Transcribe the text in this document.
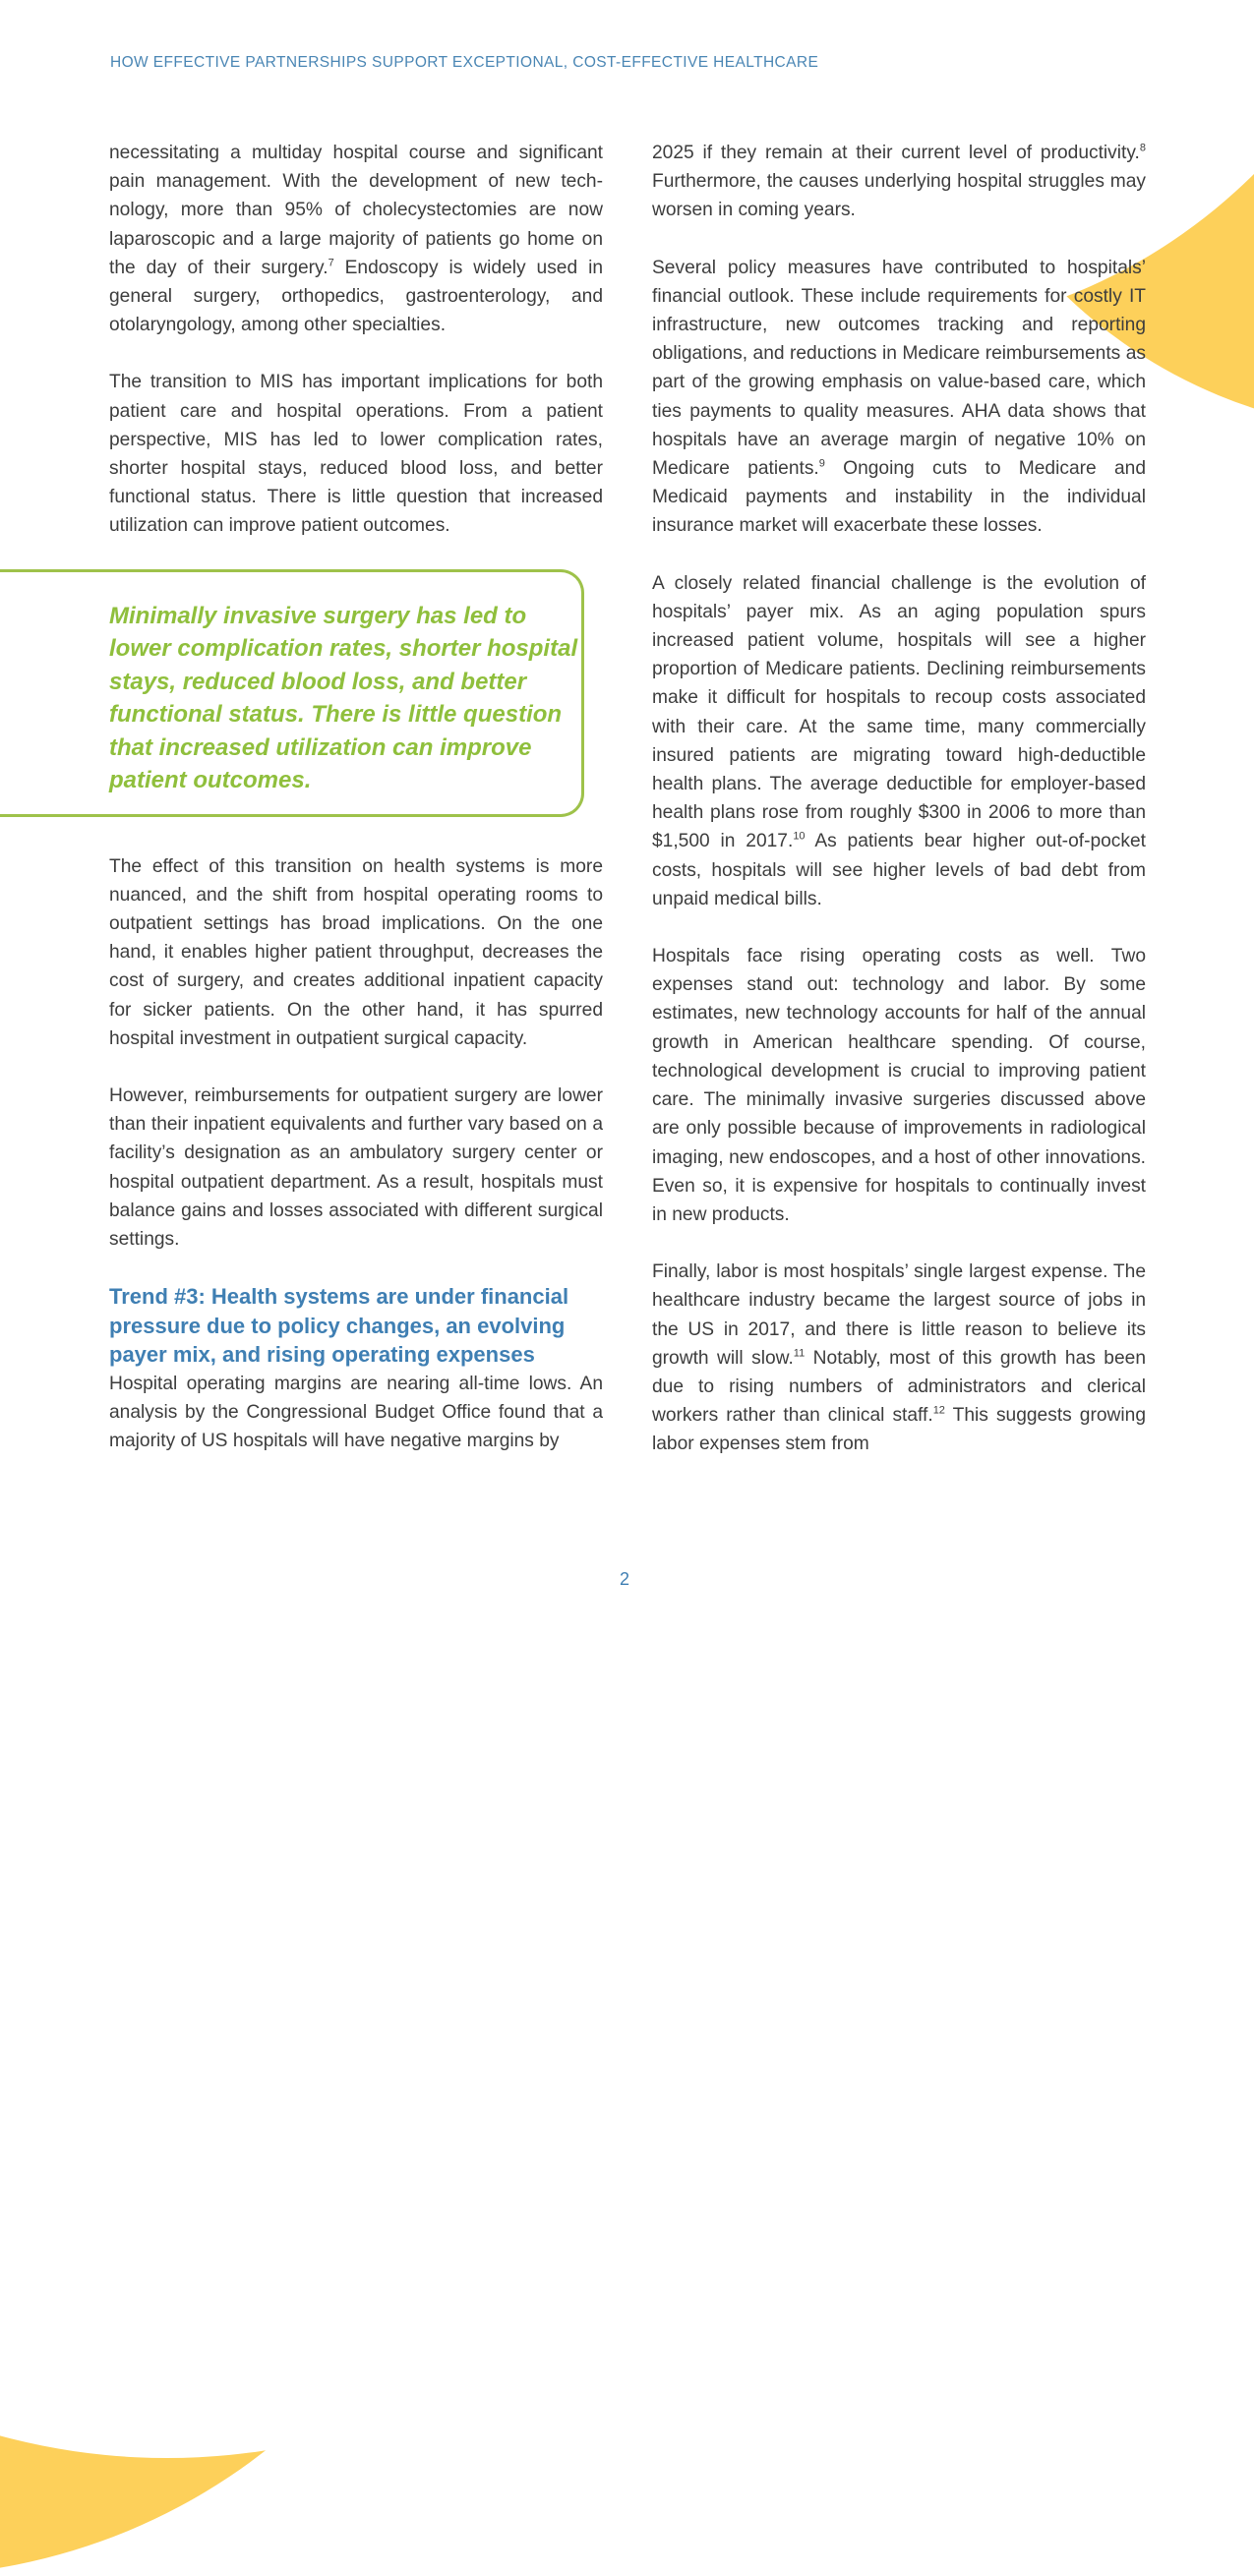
HOW EFFECTIVE PARTNERSHIPS SUPPORT EXCEPTIONAL, COST-EFFECTIVE HEALTHCARE

necessitating a multiday hospital course and significant pain management. With the development of new technology, more than 95% of cholecystectomies are now laparoscopic and a large majority of patients go home on the day of their surgery.$^7$ Endoscopy is widely used in general surgery, orthopedics, gastroenterology, and otolaryngology, among other specialties.

The transition to MIS has important implications for both patient care and hospital operations. From a patient perspective, MIS has led to lower complication rates, shorter hospital stays, reduced blood loss, and better functional status. There is little question that increased utilization can improve patient outcomes.

Minimally invasive surgery has led to lower complication rates, shorter hospital stays, reduced blood loss, and better functional status. There is little question that increased utilization can improve patient outcomes.

The effect of this transition on health systems is more nuanced, and the shift from hospital operating rooms to outpatient settings has broad implications. On the one hand, it enables higher patient throughput, decreases the cost of surgery, and creates additional inpatient capacity for sicker patients. On the other hand, it has spurred hospital investment in outpatient surgical capacity.

However, reimbursements for outpatient surgery are lower than their inpatient equivalents and further vary based on a facility’s designation as an ambulatory surgery center or hospital outpatient department. As a result, hospitals must balance gains and losses associated with different surgical settings.

Trend #3: Health systems are under financial pressure due to policy changes, an evolving payer mix, and rising operating expenses

Hospital operating margins are nearing all-time lows. An analysis by the Congressional Budget Office found that a majority of US hospitals will have negative margins by

2025 if they remain at their current level of productivity.$^8$ Furthermore, the causes underlying hospital struggles may worsen in coming years.

Several policy measures have contributed to hospitals’ financial outlook. These include requirements for costly IT infrastructure, new outcomes tracking and reporting obligations, and reductions in Medicare reimbursements as part of the growing emphasis on value-based care, which ties payments to quality measures. AHA data shows that hospitals have an average margin of negative 10% on Medicare patients.$^9$ Ongoing cuts to Medicare and Medicaid payments and instability in the individual insurance market will exacerbate these losses.

A closely related financial challenge is the evolution of hospitals’ payer mix. As an aging population spurs increased patient volume, hospitals will see a higher proportion of Medicare patients. Declining reimbursements make it difficult for hospitals to recoup costs associated with their care. At the same time, many commercially insured patients are migrating toward high-deductible health plans. The average deductible for employer-based health plans rose from roughly $300 in 2006 to more than $1,500 in 2017.10 As patients bear higher out-of-pocket costs, hospitals will see higher levels of bad debt from unpaid medical bills.

Hospitals face rising operating costs as well. Two expenses stand out: technology and labor. By some estimates, new technology accounts for half of the annual growth in American healthcare spending. Of course, technological development is crucial to improving patient care. The minimally invasive surgeries discussed above are only possible because of improvements in radiological imaging, new endoscopes, and a host of other innovations. Even so, it is expensive for hospitals to continually invest in new products.

Finally, labor is most hospitals’ single largest expense. The healthcare industry became the largest source of jobs in the US in 2017, and there is little reason to believe its growth will slow.$^{11}$ Notably, most of this growth has been due to rising numbers of administrators and clerical workers rather than clinical staff.$^{12}$ This suggests growing labor expenses stem from

2
